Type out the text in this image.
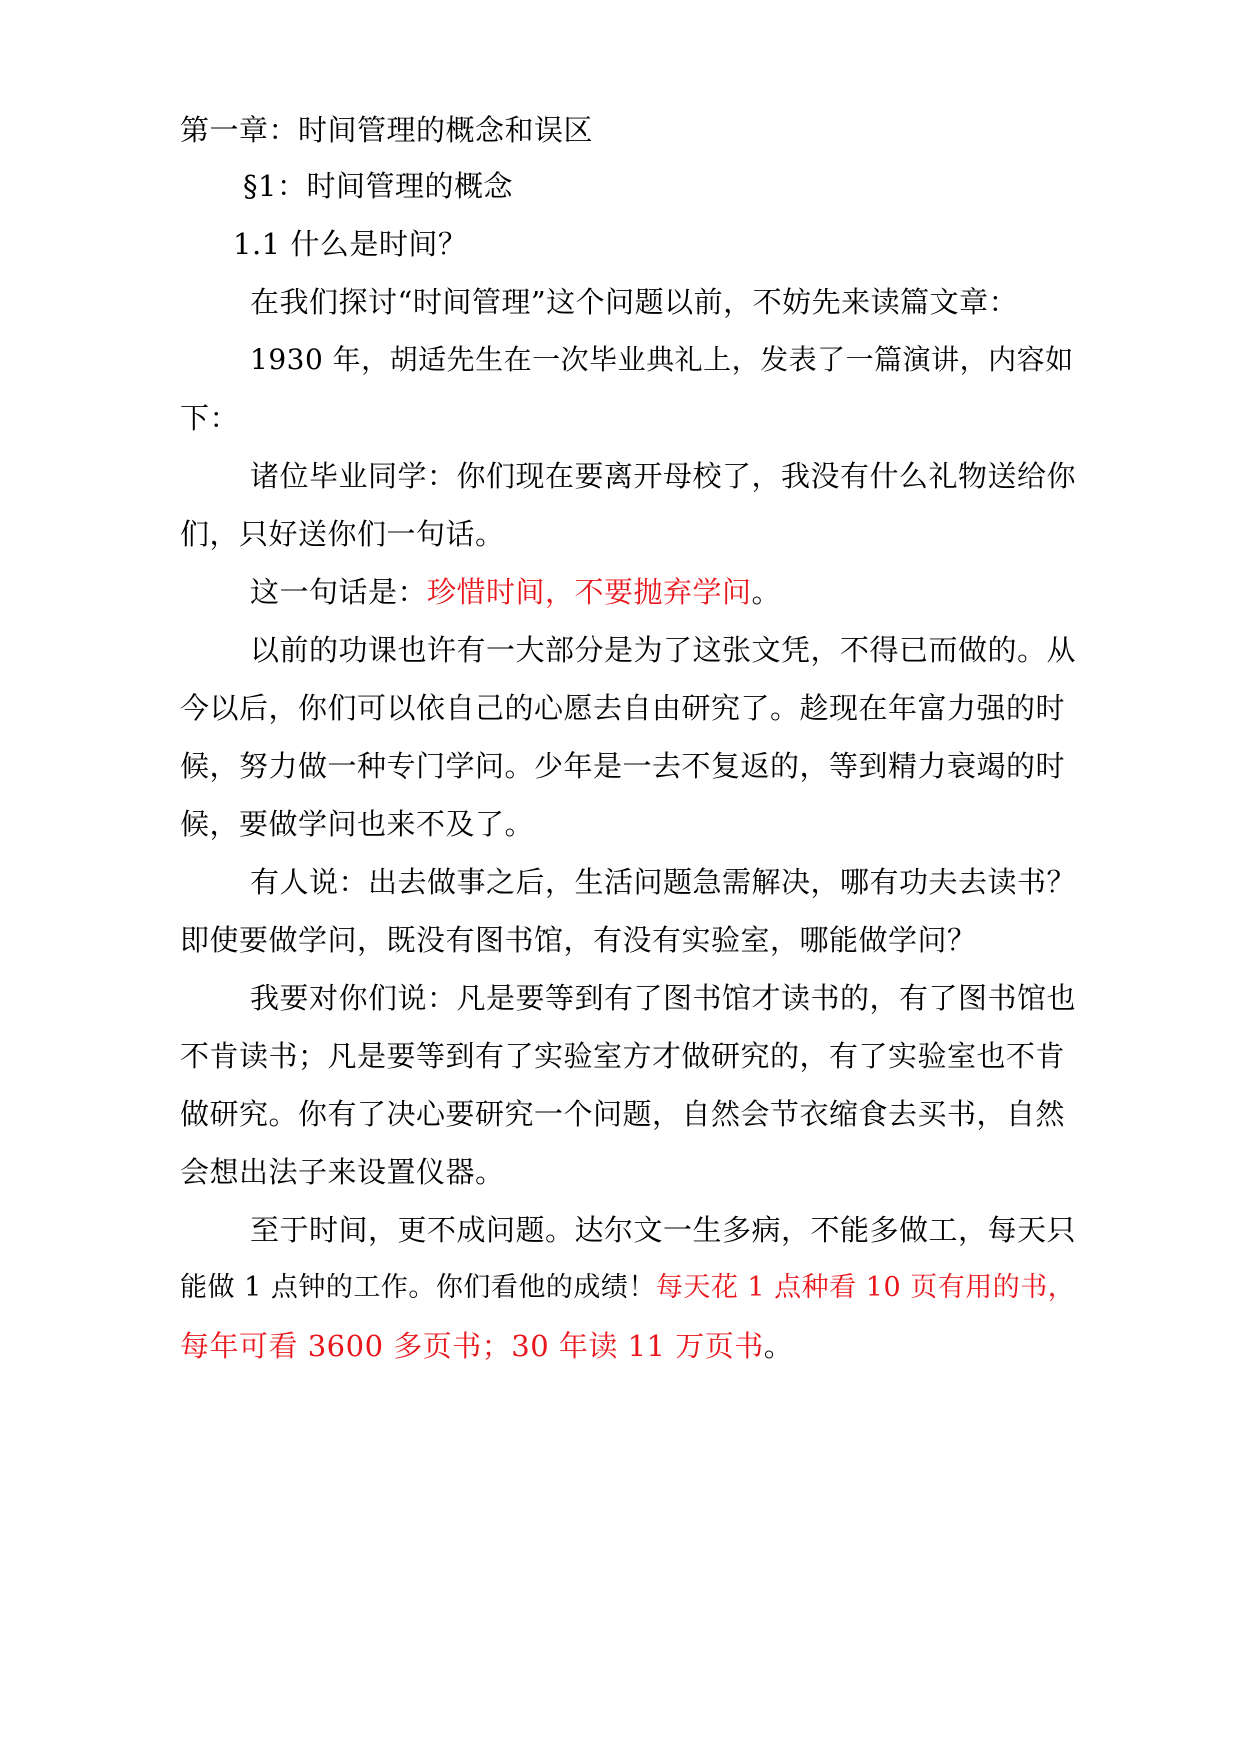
第一章：时间管理的概念和误区
§1：时间管理的概念
1.1 什么是时间？
在我们探讨“时间管理”这个问题以前，不妨先来读篇文章：
1930 年，胡适先生在一次毕业典礼上，发表了一篇演讲，内容如
下：
诸位毕业同学：你们现在要离开母校了，我没有什么礼物送给你
们，只好送你们一句话。
这一句话是：珍惜时间，不要抛弃学问。
以前的功课也许有一大部分是为了这张文凭，不得已而做的。从
今以后，你们可以依自己的心愿去自由研究了。趁现在年富力强的时
候，努力做一种专门学问。少年是一去不复返的，等到精力衰竭的时
候，要做学问也来不及了。
有人说：出去做事之后，生活问题急需解决，哪有功夫去读书？
即使要做学问，既没有图书馆，有没有实验室，哪能做学问？
我要对你们说：凡是要等到有了图书馆才读书的，有了图书馆也
不肯读书；凡是要等到有了实验室方才做研究的，有了实验室也不肯
做研究。你有了决心要研究一个问题，自然会节衣缩食去买书，自然
会想出法子来设置仪器。
至于时间，更不成问题。达尔文一生多病，不能多做工，每天只
能做 1 点钟的工作。你们看他的成绩！每天花 1 点种看 10 页有用的书，
每年可看 3600 多页书；30 年读 11 万页书。
